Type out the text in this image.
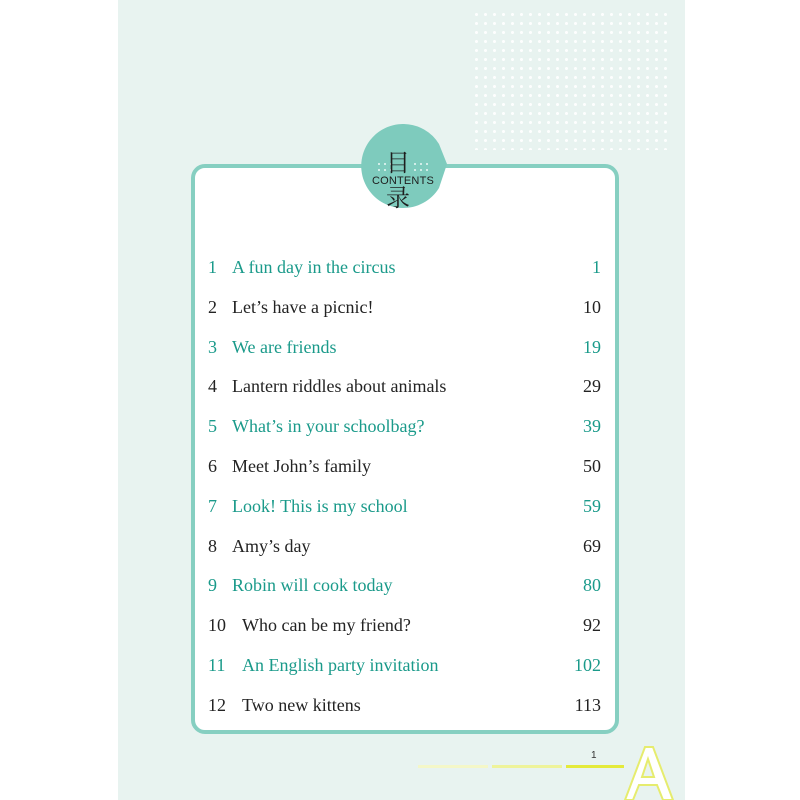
目录
CONTENTS
1 A fun day in the circus	1
2 Let’s have a picnic!	10
3 We are friends	19
4 Lantern riddles about animals	29
5 What’s in your schoolbag?	39
6 Meet John’s family	50
7 Look! This is my school	59
8 Amy’s day	69
9 Robin will cook today	80
10 Who can be my friend?	92
11 An English party invitation	102
12 Two new kittens	113
1
